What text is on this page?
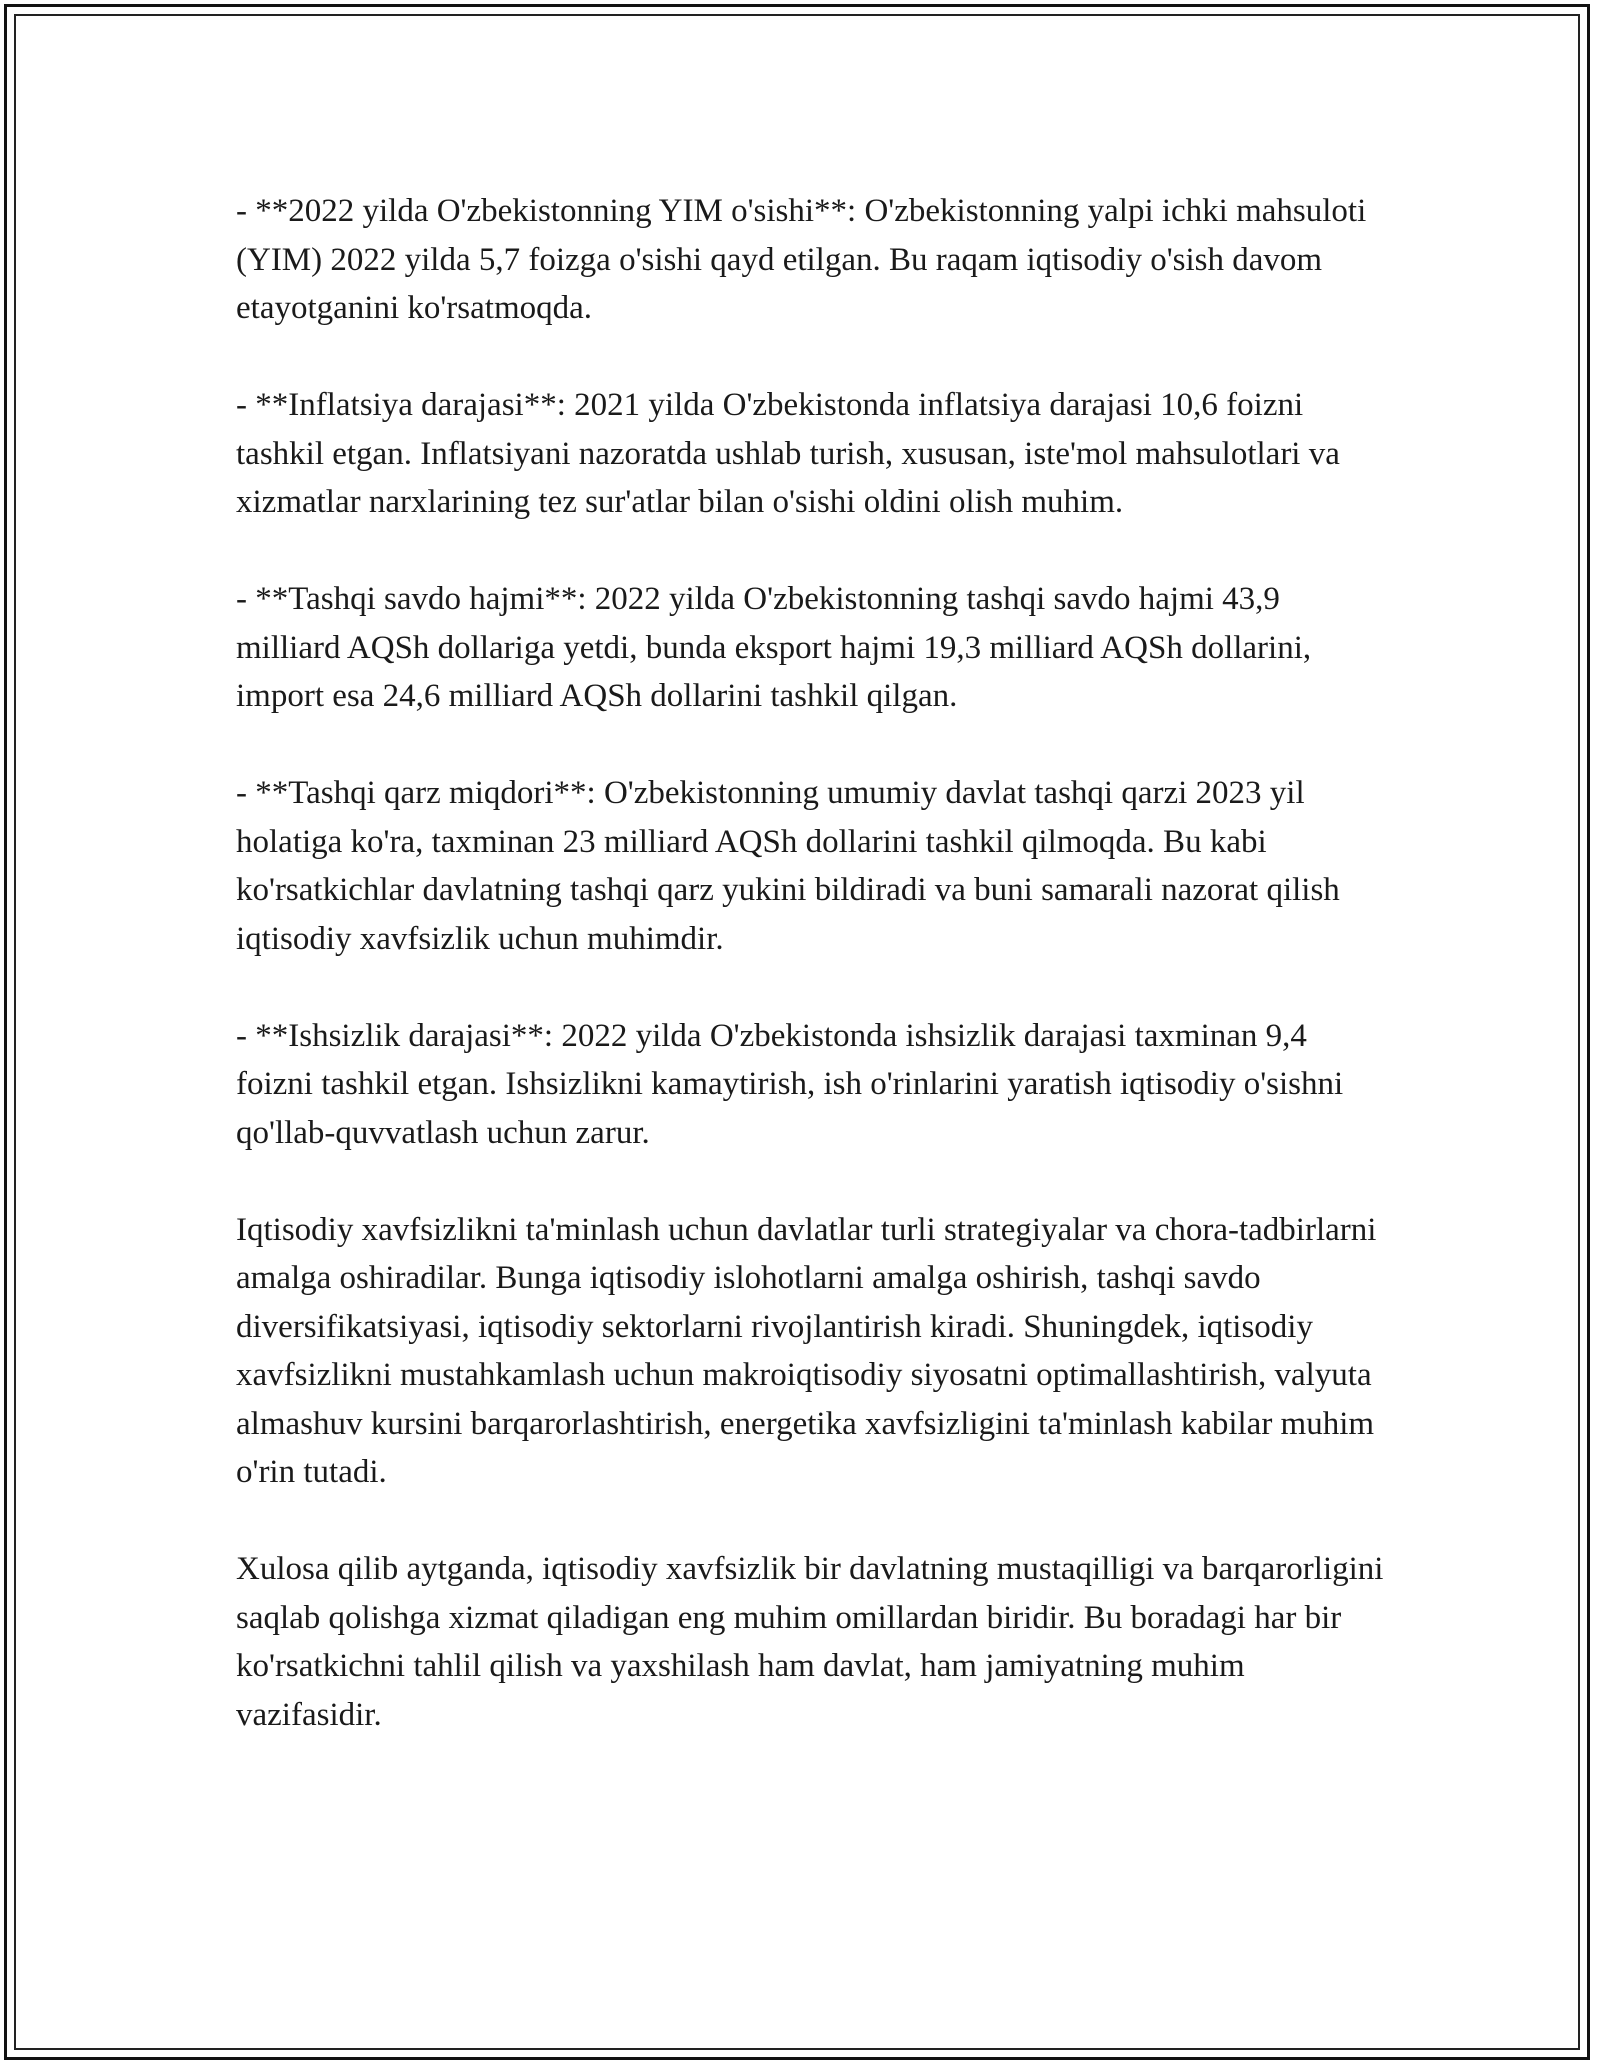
- **2022 yilda O'zbekistonning YIM o'sishi**: O'zbekistonning yalpi ichki mahsuloti (YIM) 2022 yilda 5,7 foizga o'sishi qayd etilgan. Bu raqam iqtisodiy o'sish davom etayotganini ko'rsatmoqda.

- **Inflatsiya darajasi**: 2021 yilda O'zbekistonda inflatsiya darajasi 10,6 foizni tashkil etgan. Inflatsiyani nazoratda ushlab turish, xususan, iste'mol mahsulotlari va xizmatlar narxlarining tez sur'atlar bilan o'sishi oldini olish muhim.

- **Tashqi savdo hajmi**: 2022 yilda O'zbekistonning tashqi savdo hajmi 43,9 milliard AQSh dollariga yetdi, bunda eksport hajmi 19,3 milliard AQSh dollarini, import esa 24,6 milliard AQSh dollarini tashkil qilgan.

- **Tashqi qarz miqdori**: O'zbekistonning umumiy davlat tashqi qarzi 2023 yil holatiga ko'ra, taxminan 23 milliard AQSh dollarini tashkil qilmoqda. Bu kabi ko'rsatkichlar davlatning tashqi qarz yukini bildiradi va buni samarali nazorat qilish iqtisodiy xavfsizlik uchun muhimdir.

- **Ishsizlik darajasi**: 2022 yilda O'zbekistonda ishsizlik darajasi taxminan 9,4 foizni tashkil etgan. Ishsizlikni kamaytirish, ish o'rinlarini yaratish iqtisodiy o'sishni qo'llab-quvvatlash uchun zarur.

Iqtisodiy xavfsizlikni ta'minlash uchun davlatlar turli strategiyalar va chora-tadbirlarni amalga oshiradilar. Bunga iqtisodiy islohotlarni amalga oshirish, tashqi savdo diversifikatsiyasi, iqtisodiy sektorlarni rivojlantirish kiradi. Shuningdek, iqtisodiy xavfsizlikni mustahkamlash uchun makroiqtisodiy siyosatni optimallashtirish, valyuta almashuv kursini barqarorlashtirish, energetika xavfsizligini ta'minlash kabilar muhim o'rin tutadi.

Xulosa qilib aytganda, iqtisodiy xavfsizlik bir davlatning mustaqilligi va barqarorligini saqlab qolishga xizmat qiladigan eng muhim omillardan biridir. Bu boradagi har bir ko'rsatkichni tahlil qilish va yaxshilash ham davlat, ham jamiyatning muhim vazifasidir.
